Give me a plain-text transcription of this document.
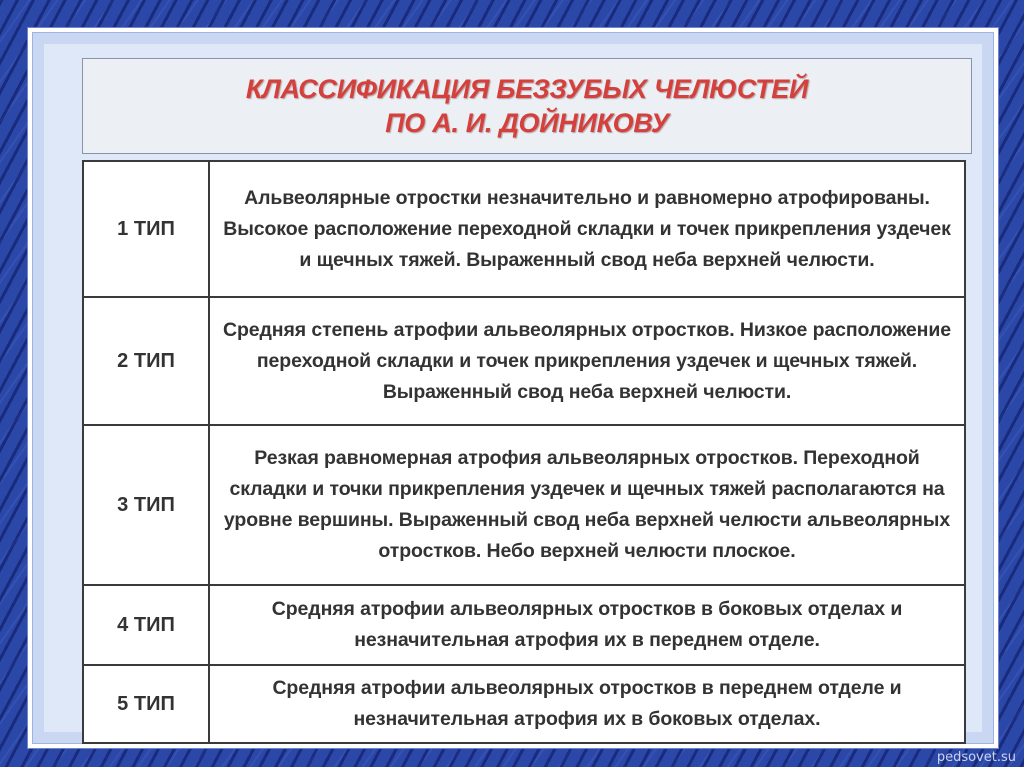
КЛАССИФИКАЦИЯ БЕЗЗУБЫХ ЧЕЛЮСТЕЙ
ПО А. И. ДОЙНИКОВУ
1 ТИП	Альвеолярные отростки незначительно и равномерно атрофированы. Высокое расположение переходной складки и точек прикрепления уздечек и щечных тяжей. Выраженный свод неба верхней челюсти.
2 ТИП	Средняя степень атрофии альвеолярных отростков. Низкое расположение переходной складки и точек прикрепления уздечек и щечных тяжей. Выраженный свод неба верхней челюсти.
3 ТИП	Резкая равномерная атрофия альвеолярных отростков. Переходной складки и точки прикрепления уздечек и щечных тяжей располагаются на уровне вершины. Выраженный свод неба верхней челюсти альвеолярных отростков. Небо верхней челюсти плоское.
4 ТИП	Средняя атрофии альвеолярных отростков в боковых отделах и незначительная атрофия их в переднем отделе.
5 ТИП	Средняя атрофии альвеолярных отростков в переднем отделе и незначительная атрофия их в боковых отделах.
pedsovet.su
